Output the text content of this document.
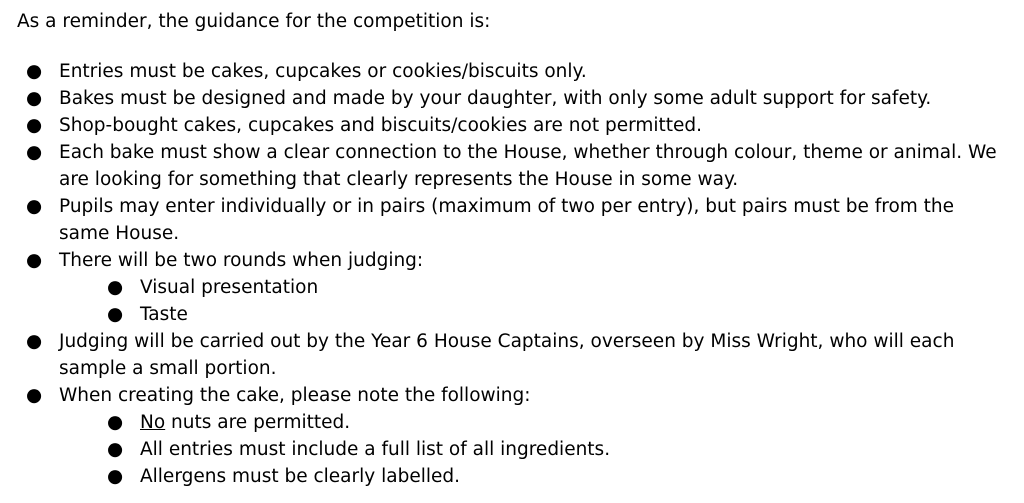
As a reminder, the guidance for the competition is:
● Entries must be cakes, cupcakes or cookies/biscuits only.
● Bakes must be designed and made by your daughter, with only some adult support for safety.
● Shop-bought cakes, cupcakes and biscuits/cookies are not permitted.
● Each bake must show a clear connection to the House, whether through colour, theme or animal. We are looking for something that clearly represents the House in some way.
● Pupils may enter individually or in pairs (maximum of two per entry), but pairs must be from the same House.
● There will be two rounds when judging:
● Visual presentation
● Taste
● Judging will be carried out by the Year 6 House Captains, overseen by Miss Wright, who will each sample a small portion.
● When creating the cake, please note the following:
● No nuts are permitted.
● All entries must include a full list of all ingredients.
● Allergens must be clearly labelled.
